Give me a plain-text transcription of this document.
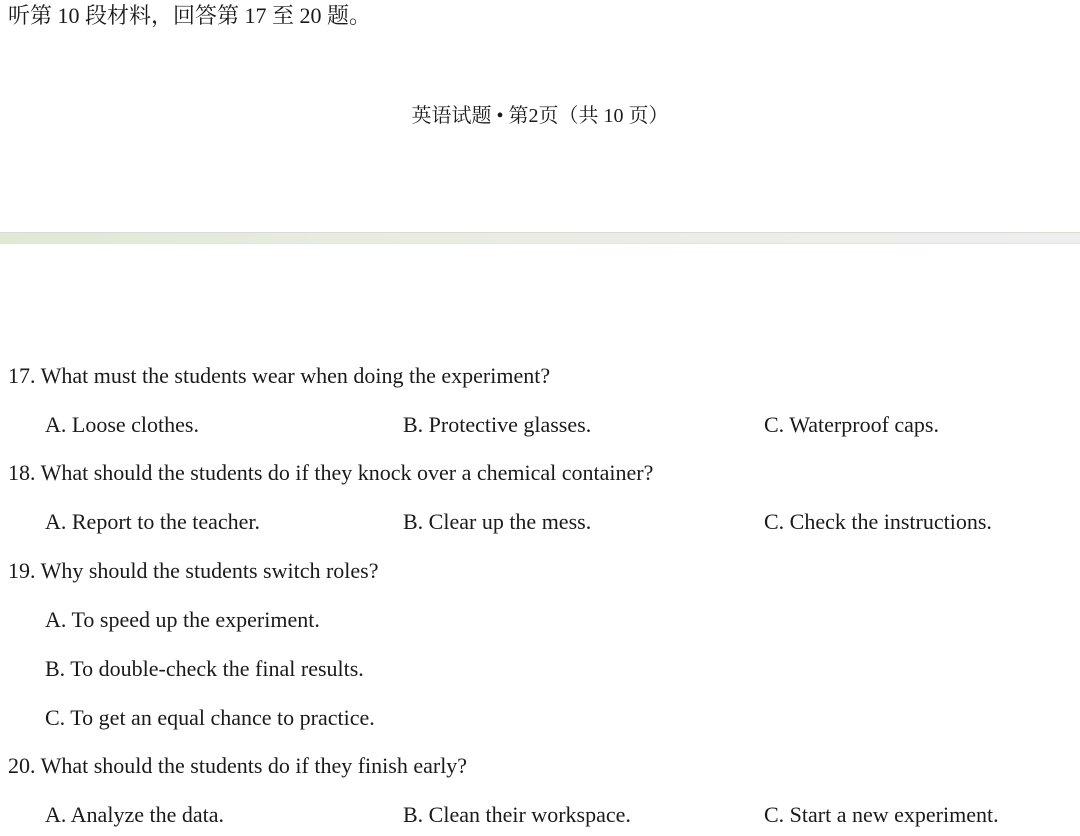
听第 10 段材料，回答第 17 至 20 题。
英语试题 • 第2页（共 10 页）
17. What must the students wear when doing the experiment?
A. Loose clothes.	B. Protective glasses.	C. Waterproof caps.
18. What should the students do if they knock over a chemical container?
A. Report to the teacher.	B. Clear up the mess.	C. Check the instructions.
19. Why should the students switch roles?
A. To speed up the experiment.
B. To double-check the final results.
C. To get an equal chance to practice.
20. What should the students do if they finish early?
A. Analyze the data.	B. Clean their workspace.	C. Start a new experiment.
